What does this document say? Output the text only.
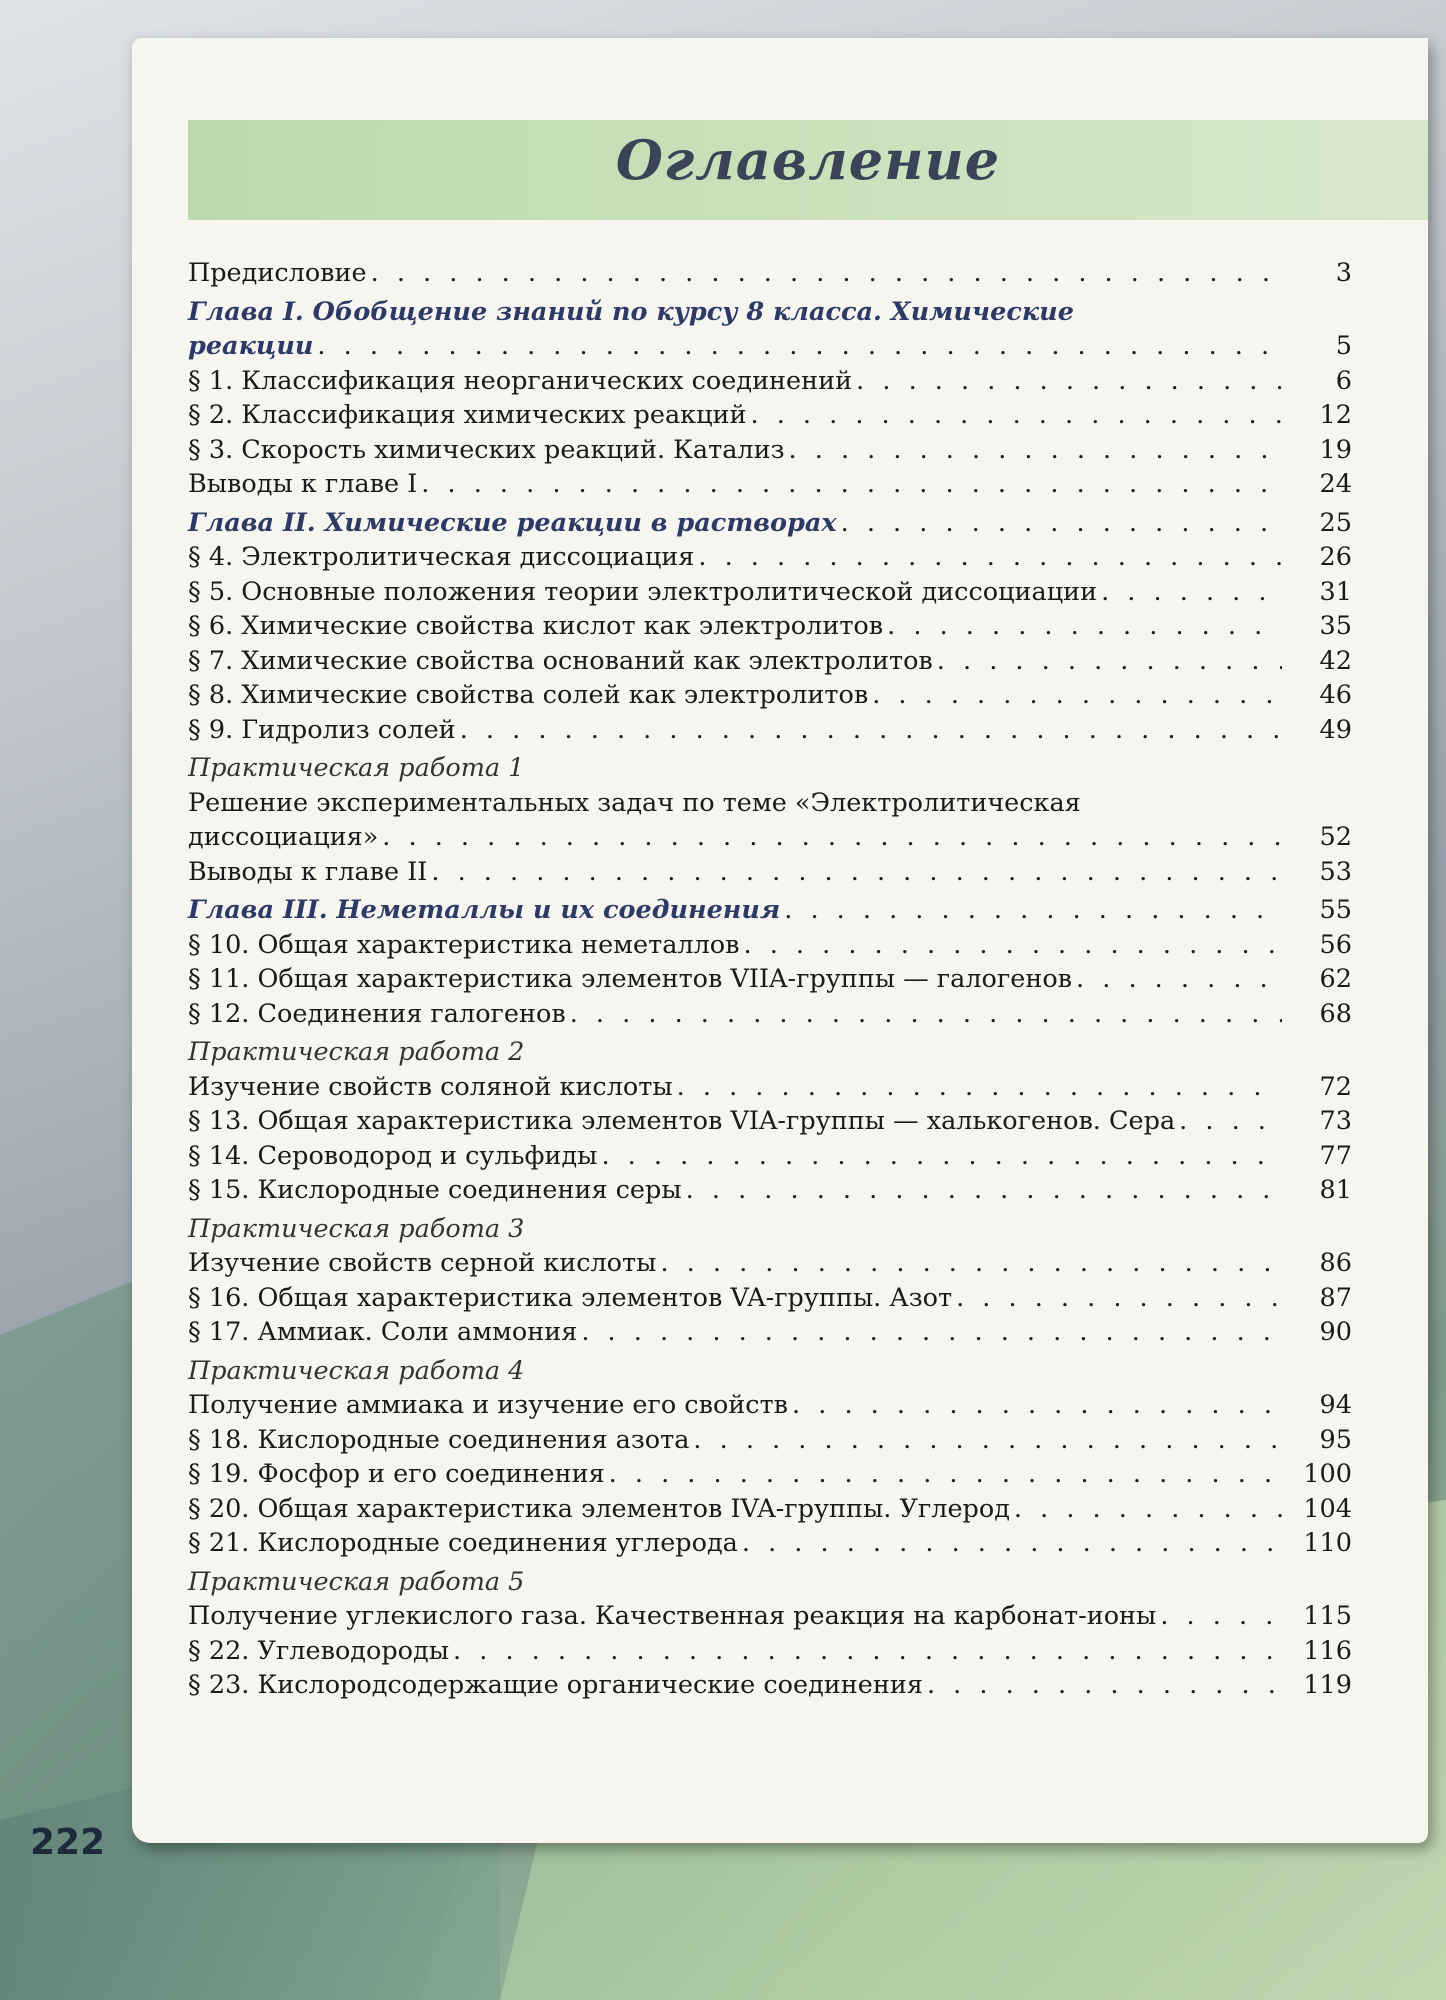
Оглавление
Предисловие . . .	3
Глава I. Обобщение знаний по курсу 8 класса. Химические
реакции . . .	5
§ 1. Классификация неорганических соединений . . .	6
§ 2. Классификация химических реакций . . .	12
§ 3. Скорость химических реакций. Катализ . . .	19
Выводы к главе I . . .	24
Глава II. Химические реакции в растворах . . .	25
§ 4. Электролитическая диссоциация . . .	26
§ 5. Основные положения теории электролитической диссоциации . . .	31
§ 6. Химические свойства кислот как электролитов . . .	35
§ 7. Химические свойства оснований как электролитов . . .	42
§ 8. Химические свойства солей как электролитов . . .	46
§ 9. Гидролиз солей . . .	49
Практическая работа 1
Решение экспериментальных задач по теме «Электролитическая
диссоциация» . . .	52
Выводы к главе II . . .	53
Глава III. Неметаллы и их соединения . . .	55
§ 10. Общая характеристика неметаллов . . .	56
§ 11. Общая характеристика элементов VIIA-группы — галогенов . . .	62
§ 12. Соединения галогенов . . .	68
Практическая работа 2
Изучение свойств соляной кислоты . . .	72
§ 13. Общая характеристика элементов VIA-группы — халькогенов. Сера . . .	73
§ 14. Сероводород и сульфиды . . .	77
§ 15. Кислородные соединения серы . . .	81
Практическая работа 3
Изучение свойств серной кислоты . . .	86
§ 16. Общая характеристика элементов VA-группы. Азот . . .	87
§ 17. Аммиак. Соли аммония . . .	90
Практическая работа 4
Получение аммиака и изучение его свойств . . .	94
§ 18. Кислородные соединения азота . . .	95
§ 19. Фосфор и его соединения . . .	100
§ 20. Общая характеристика элементов IVA-группы. Углерод . . .	104
§ 21. Кислородные соединения углерода . . .	110
Практическая работа 5
Получение углекислого газа. Качественная реакция на карбонат-ионы . . .	115
§ 22. Углеводороды . . .	116
§ 23. Кислородсодержащие органические соединения . . .	119
222
